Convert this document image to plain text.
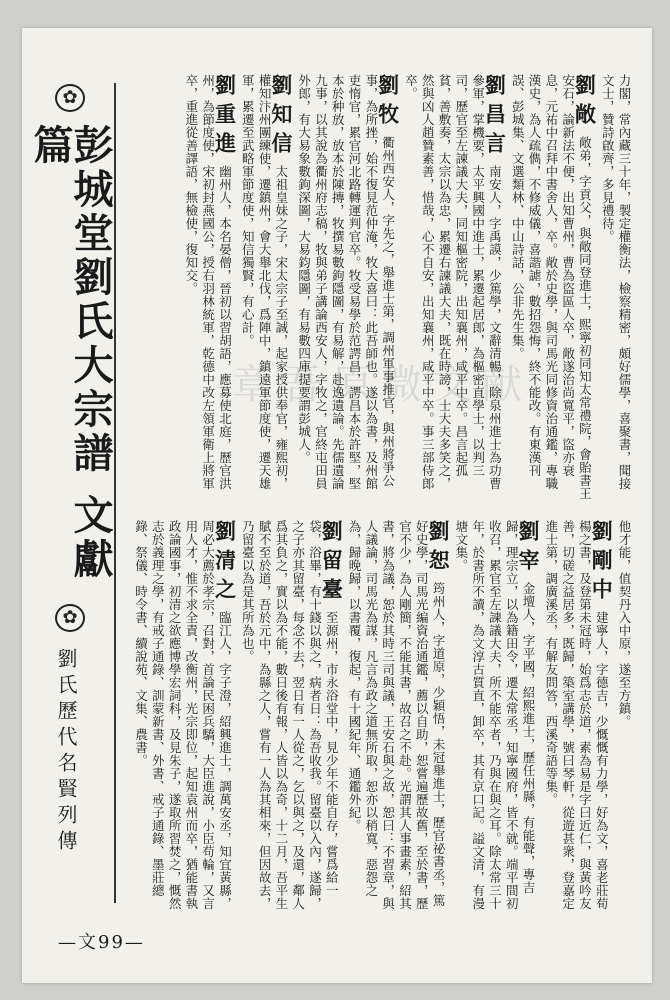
✿
彭城堂劉氏大宗譜 文獻篇
✿
劉氏歷代名賢列傳
—文99—
章吾原微文献	力閣，常內藏三十年，製定權衡法，檢察精密，頗好儒學，喜聚書，聞接文士，贊詩啟齊，多見禮待。
劉敞敞弟，字貢父，與敞同登進士，熙寧初同知太常禮院，會貽書王安石，論新法不便，出知曹州，曹為盜區人卒，敞遂治尚寬平，盜亦衰息，元祐中召拜中書舍人，卒。敞於史學，與司馬光同修資治通鑑，專職漢史，為人疏儁，不修威儀，喜諧謔，數招怨悔，終不能改。有東漢刊誤、彭城集、文選類林、中山詩話，公非先生集。
劉昌言南安人，字禹謨，少篤學，文辭清暢，除泉州進士為功曹參軍，掌機要，太平興國中進士，累遷起居郎，為樞密直學士，以判三司，歷官至左諫議大夫，同知樞密院，出知襄州，咸平中卒。昌言起孤貧，善敷奏，太宗以為忠，累遷右諫議大夫，既在時謗，士大夫多笑之，然與凶人趙贊素善，惜哉，心不自安，出知襄州，咸平中卒。事三部侍郎卒。
劉牧衢州西安人，字先之，舉進士第，調州軍事推官，與州將爭公事，為所挫，始不復見范仲淹，牧大喜曰：此吾師也。遂以為書，及州館吏惰官，累官河北路轉運判官卒。牧受易學於范諤昌，諤昌本於許堅，堅本於种放，放本於陳摶，牧撰易數鉤隱圖，有易解，赴逸遺論。先儒遺論九事，以其說為衢州府志稿，牧與弟子講論西安人，字牧之，官終屯田員外郎，有大易象數鉤深圖，大易鈞隱圖，有易數四庫提要謂彭城人。
劉知信太祖皇妹之子，宋太宗子至誠，起家授供奉官，雍熙初，權知汴州團練使，遷鎮州，會大舉北伐，爲陣中，鎮遠軍節度使，遷天雄軍，累遷至武略軍節度使，知信獨賢，有心計。
劉重進幽州人，本名晏僧，晉初以習胡語，應募使北庭，歷官洪州，為節度使，宋初封燕國公，授右羽林統軍，乾德中改左領軍衛上將軍卒，重進從善譯語，無檢使，復知交。
他才能，值契丹入中原，遂至方鎮。
劉剛中建寧人，字德吉，少慨慨有力學，好為文，喜老莊荀楊之書，及登第未冠時，始爲志於道，素為易是字曰近仁，與黃吟友善，切磋之益居多，既歸，築室講學，號曰琴軒，從遊甚衆，登嘉定進士第，調廣溪丞，有解友問答，西溪奇語等集。
劉宰金壇人，字平國，紹熙進士，歷任州縣，有能聲，專吉歸，理宗立，以為籍田令，遷太常丞，知寧國府，皆不就。端平間初收召，累官至左諫議大夫，所不能卒者，乃與在與之耳。除太常三十年，於書所不讀，為文淳古質直，卸卒，其有京口記。謚文清，有漫塘文集。
劉恕筠州人，字道原，少穎悟，未冠舉進士，歷官祕書丞，篤好史學，司馬光編資治通鑑，薦以自助，恕嘗遍歷故舊，至於書，歷官不少，為人剛簡，不能其書，故召之不赴。光謂其人事畫素，紹其書，將為議，恕於其時三司與議，王安石與之故，恕曰：不習章，與人議論，司馬光為謀，凡言為政之道無所取，恕亦以稍寬，惡怨之為，歸晚歸，以書覆，復起，有十國紀年、通鑑外紀。
劉留臺至源州，市永浴堂中，見少年不能自存，嘗爲給一袋，浴畢，有十錢以與之，病者日：為吾收我。留臺以入內，遂歸，之子亦其留臺，每念不去，翌日有一人從之，乞以與之，及還，鄰人爲其負之，實以為不能，數日後有報，人皆以為奇，十二月，吾平生賦不至於道，吾於元中，為縣之人，嘗有一人為其相來，但因故去，乃留臺以為是其所為也。
劉清之臨江人，字子澄，紹興進士，調萬安丞，知宜黃縣，周必大薦於孝宗，召對，首論民困兵驕，大臣進說，小臣苟輪，又言用人才，惟不求全責，改衡州，光宗即位，起知袁州而卒，猶能書執政論國事，初清之欲應博學宏詞科，及見朱子，遂取所習焚之，慨然志於義理之學，有戒子通錄、訓蒙新書、外書、戒子通錄、墨莊總錄、祭儀、時令書、續說苑、文集、農書。
